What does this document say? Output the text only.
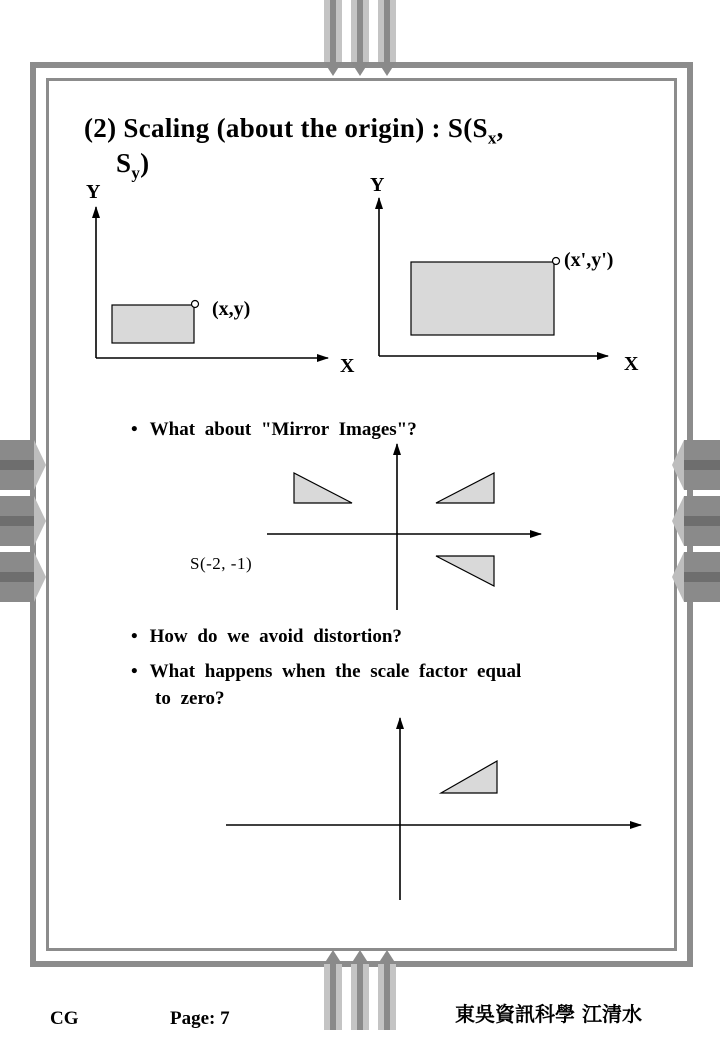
(2) Scaling (about the origin) : $S(S_x$,
$S_y$)
Y
X
(x,y)
Y
X
(x',y')
• What about "Mirror Images"?
S(-2, -1)
• How do we avoid distortion?
• What happens when the scale factor equal
to zero?
CG	Page: 7	東吳資訊科學 江清水
